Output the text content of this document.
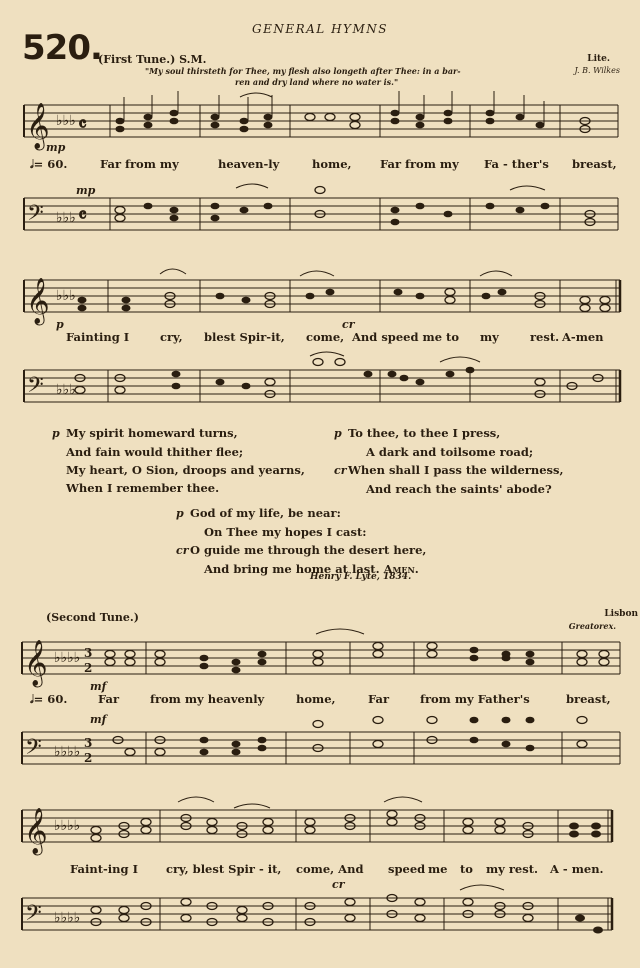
GENERAL HYMNS
520.
(First Tune.) S.M.	Lite.
J. B. Wilkes
"My soul thirsteth for Thee, my flesh also longeth after Thee: in a bar-
ren and dry land where no water is."
𝄞 ♭♭♭ 𝄴
mp
𝅗𝅥= 60.	Far from my	heaven-ly	home, Far from my Fa - ther's breast,
mp
𝄢 ♭♭♭ 𝄴
𝄞 ♭♭♭
p	cr
Fainting I	cry, blest Spir-it, come, And speed me to my	rest. A-men
𝄢 ♭♭♭
p My spirit homeward turns,
And fain would thither flee;
My heart, O Sion, droops and yearns,
When I remember thee.
p To thee, to thee I press,
A dark and toilsome road;
cr When shall I pass the wilderness,
And reach the saints' abode?
p God of my life, be near:
On Thee my hopes I cast:
cr O guide me through the desert here,
And bring me home at last. Amen.
Henry F. Lyte, 1834.
(Second Tune.)	Lisbon
Greatorex.
𝄞 ♭♭♭♭ 3
2
mf
𝅗𝅥= 60.	Far	from my heavenly	home,	Far	from my Father's	breast,
mf
𝄢 ♭♭♭♭
3
2
𝄞 ♭♭♭♭
Faint-ing I cry, blest Spir - it, come, And speed me to my rest. A - men.
cr
𝄢 ♭♭♭♭
